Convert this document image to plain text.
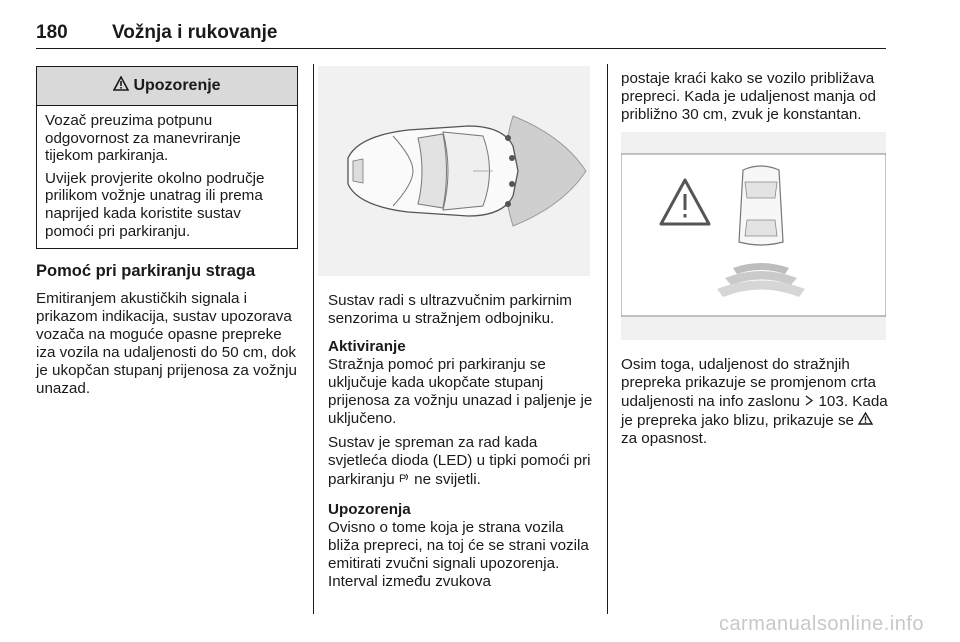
180 Vožnja i rukovanje
Upozorenje

Vozač preuzima potpunu odgovornost za manevriranje tijekom parkiranja.

Uvijek provjerite okolno područje prilikom vožnje unatrag ili prema naprijed kada koristite sustav pomoći pri parkiranju.

Pomoć pri parkiranju straga

Emitiranjem akustičkih signala i prikazom indikacija, sustav upozorava vozača na moguće opasne prepreke iza vozila na udaljenosti do 50 cm, dok je ukopčan stupanj prijenosa za vožnju unazad.

Sustav radi s ultrazvučnim parkirnim senzorima u stražnjem odbojniku.

Aktiviranje

Stražnja pomoć pri parkiranju se uključuje kada ukopčate stupanj prijenosa za vožnju unazad i paljenje je uključeno.

Sustav je spreman za rad kada svjetleća dioda (LED) u tipki pomoći pri parkiranju P ne svijetli.

Upozorenja

Ovisno o tome koja je strana vozila bliža prepreci, na toj će se strani vozila emitirati zvučni signali upozorenja. Interval između zvukova

postaje kraći kako se vozilo približava prepreci. Kada je udaljenost manja od približno 30 cm, zvuk je konstantan.

Osim toga, udaljenost do stražnjih prepreka prikazuje se promjenom crta udaljenosti na info zaslonu 103. Kada je prepreka jako blizu, prikazuje se  za opasnost.

carmanualsonline.info
